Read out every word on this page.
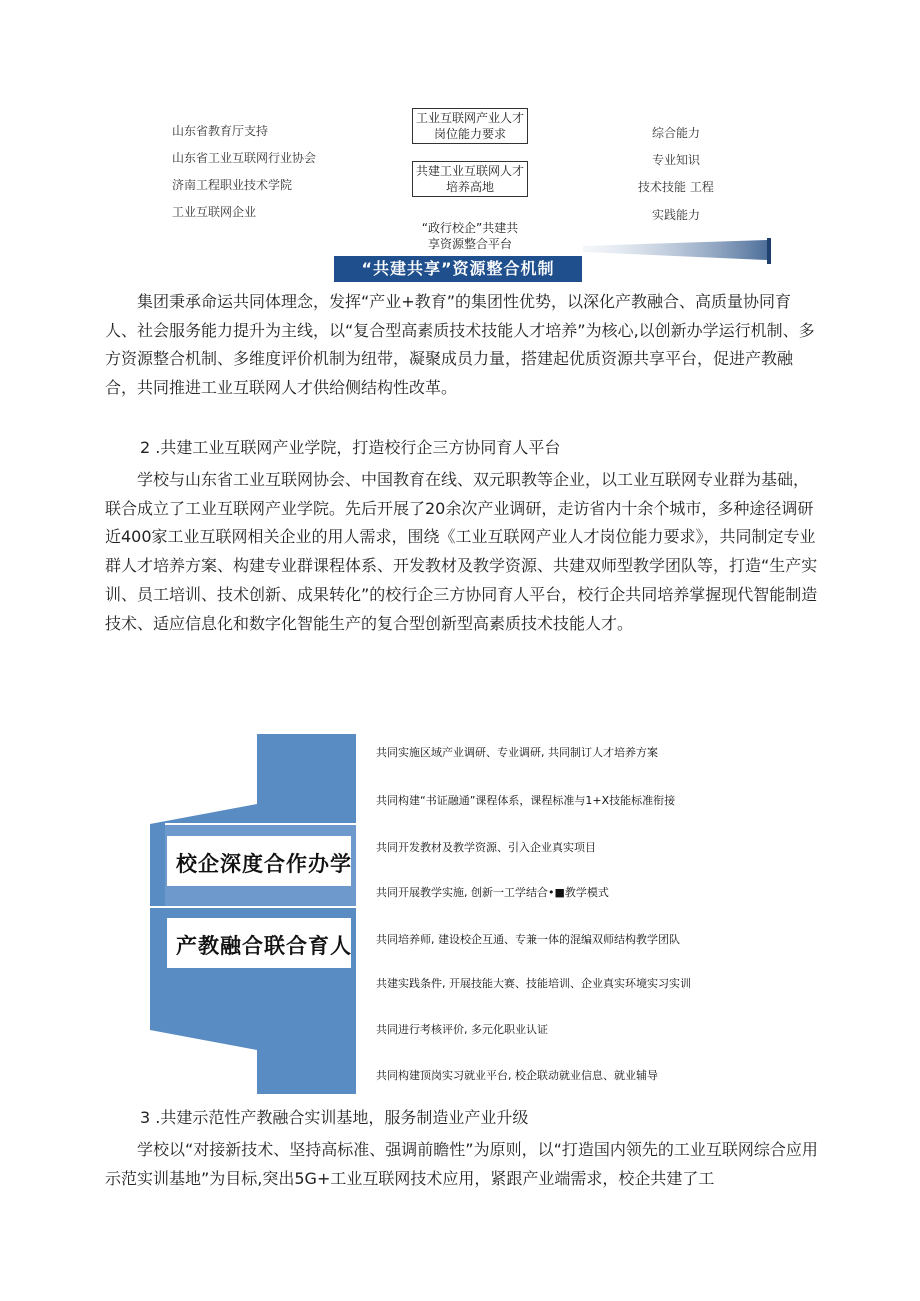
山东省教育厅支持
山东省工业互联网行业协会
济南工程职业技术学院
工业互联网企业
工业互联网产业人才岗位能力要求
共建工业互联网人才培养高地
“政行校企”共建共享资源整合平台
综合能力
专业知识
技术技能 工程
实践能力
“共建共享”资源整合机制
集团秉承命运共同体理念，发挥“产业+教育”的集团性优势，以深化产教融合、高质量协同育人、社会服务能力提升为主线，以“复合型高素质技术技能人才培养”为核心,以创新办学运行机制、多方资源整合机制、多维度评价机制为纽带，凝聚成员力量，搭建起优质资源共享平台，促进产教融合，共同推进工业互联网人才供给侧结构性改革。
2 .共建工业互联网产业学院，打造校行企三方协同育人平台
学校与山东省工业互联网协会、中国教育在线、双元职教等企业，以工业互联网专业群为基础，联合成立了工业互联网产业学院。先后开展了20余次产业调研，走访省内十余个城市，多种途径调研近400家工业互联网相关企业的用人需求，围绕《工业互联网产业人才岗位能力要求》，共同制定专业群人才培养方案、构建专业群课程体系、开发教材及教学资源、共建双师型教学团队等，打造“生产实训、员工培训、技术创新、成果转化”的校行企三方协同育人平台，校行企共同培养掌握现代智能制造技术、适应信息化和数字化智能生产的复合型创新型高素质技术技能人才。
校企深度合作办学
产教融合联合育人
共同实施区域产业调研、专业调研, 共同制订人才培养方案
共同构建“书证融通”课程体系，课程标准与1+X技能标准衔接
共同开发教材及教学资源、引入企业真实项目
共同开展教学实施, 创新一工学结合•■教学模式
共同培养师, 建设校企互通、专兼一体的混编双师结构教学团队
共建实践条件, 开展技能大赛、技能培训、企业真实环境实习实训
共同进行考核评价, 多元化职业认证
共同构建顶岗实习就业平台, 校企联动就业信息、就业辅导
3 .共建示范性产教融合实训基地，服务制造业产业升级
学校以“对接新技术、坚持高标准、强调前瞻性”为原则，以“打造国内领先的工业互联网综合应用示范实训基地”为目标,突出5G+工业互联网技术应用，紧跟产业端需求，校企共建了工
